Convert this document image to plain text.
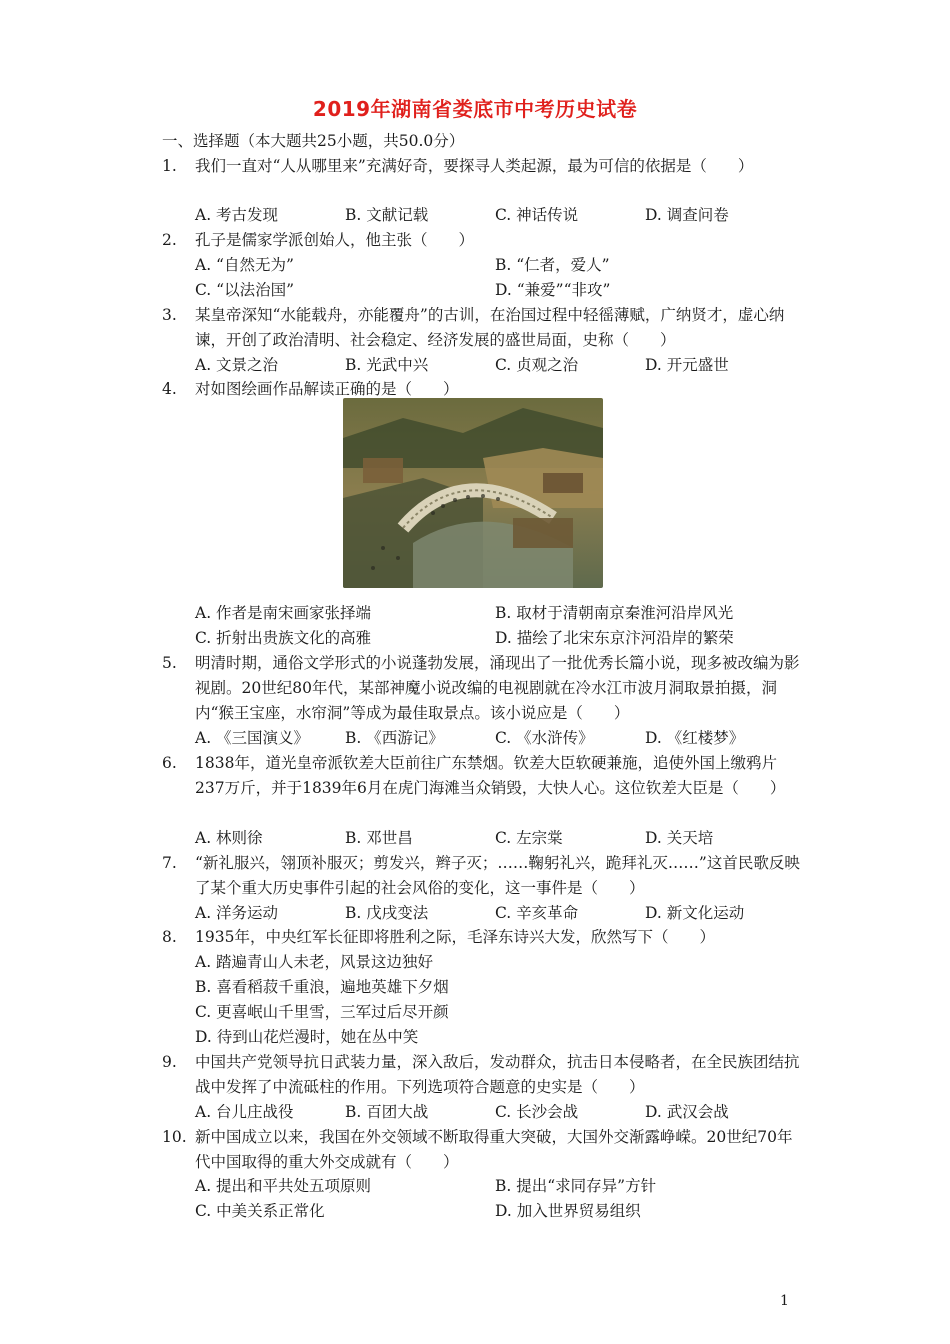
2019年湖南省娄底市中考历史试卷
一、选择题（本大题共25小题，共50.0分）
1. 我们一直对“人从哪里来”充满好奇，要探寻人类起源，最为可信的依据是（　　）
A. 考古发现	B. 文献记载	C. 神话传说	D. 调查问卷
2. 孔子是儒家学派创始人，他主张（　　）
A. “自然无为”	B. “仁者，爱人”
C. “以法治国”	D. “兼爱”“非攻”
3. 某皇帝深知“水能载舟，亦能覆舟”的古训，在治国过程中轻徭薄赋，广纳贤才，虚心纳谏，开创了政治清明、社会稳定、经济发展的盛世局面，史称（　　）
A. 文景之治	B. 光武中兴	C. 贞观之治	D. 开元盛世
4. 对如图绘画作品解读正确的是（　　）
A. 作者是南宋画家张择端	B. 取材于清朝南京秦淮河沿岸风光
C. 折射出贵族文化的高雅	D. 描绘了北宋东京汴河沿岸的繁荣
5. 明清时期，通俗文学形式的小说蓬勃发展，涌现出了一批优秀长篇小说，现多被改编为影视剧。20世纪80年代，某部神魔小说改编的电视剧就在冷水江市波月洞取景拍摄，洞内“猴王宝座，水帘洞”等成为最佳取景点。该小说应是（　　）
A. 《三国演义》 B. 《西游记》	C. 《水浒传》	D. 《红楼梦》
6. 1838年，道光皇帝派钦差大臣前往广东禁烟。钦差大臣软硬兼施，追使外国上缴鸦片237万斤，并于1839年6月在虎门海滩当众销毁，大快人心。这位钦差大臣是（　　）
A. 林则徐	B. 邓世昌	C. 左宗棠	D. 关天培
7. “新礼服兴，翎顶补服灭；剪发兴，辫子灭；……鞠躬礼兴，跪拜礼灭……”这首民歌反映了某个重大历史事件引起的社会风俗的变化，这一事件是（　　）
A. 洋务运动	B. 戊戌变法	C. 辛亥革命	D. 新文化运动
8. 1935年，中央红军长征即将胜利之际，毛泽东诗兴大发，欣然写下（　　）
A. 踏遍青山人未老，风景这边独好
B. 喜看稻菽千重浪，遍地英雄下夕烟
C. 更喜岷山千里雪，三军过后尽开颜
D. 待到山花烂漫时，她在丛中笑
9. 中国共产党领导抗日武装力量，深入敌后，发动群众，抗击日本侵略者，在全民族团结抗战中发挥了中流砥柱的作用。下列选项符合题意的史实是（　　）
A. 台儿庄战役	B. 百团大战	C. 长沙会战	D. 武汉会战
10. 新中国成立以来，我国在外交领域不断取得重大突破，大国外交渐露峥嵘。20世纪70年代中国取得的重大外交成就有（　　）
A. 提出和平共处五项原则	B. 提出“求同存异”方针
C. 中美关系正常化	D. 加入世界贸易组织
1
